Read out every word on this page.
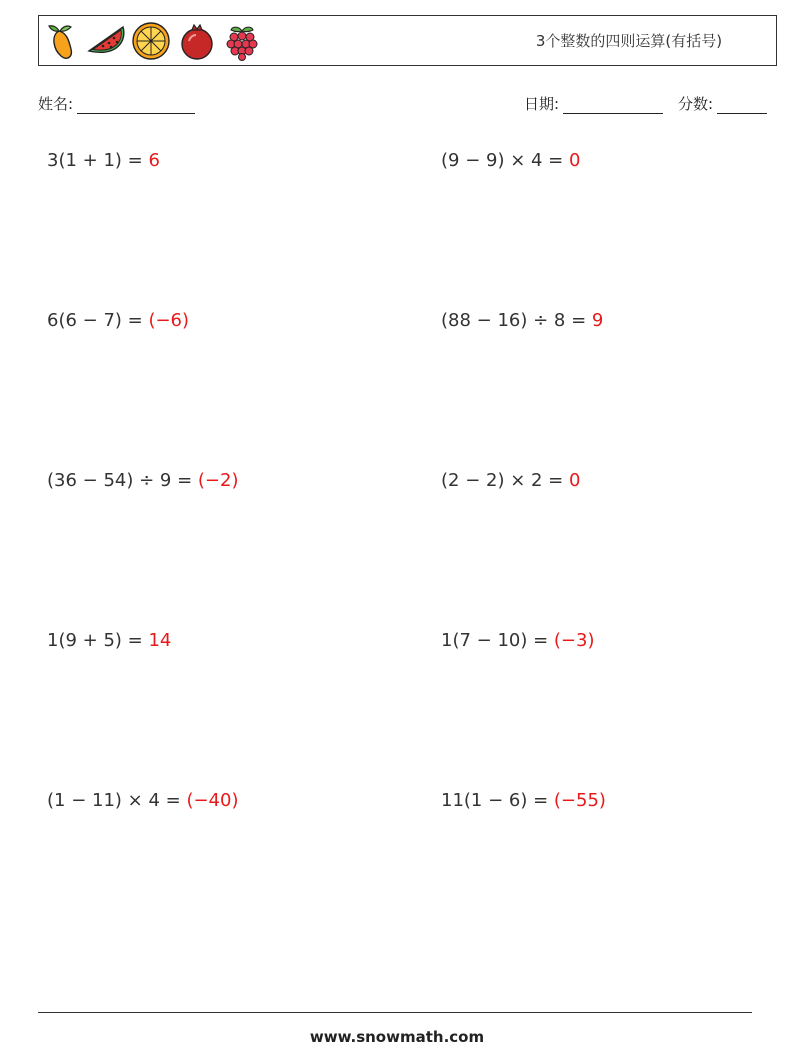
3个整数的四则运算(有括号)
姓名:	日期:	分数:
3(1 + 1) = 6	(9 − 9) × 4 = 0
6(6 − 7) = (−6)	(88 − 16) ÷ 8 = 9
(36 − 54) ÷ 9 = (−2)	(2 − 2) × 2 = 0
1(9 + 5) = 14	1(7 − 10) = (−3)
(1 − 11) × 4 = (−40)	11(1 − 6) = (−55)
www.snowmath.com
